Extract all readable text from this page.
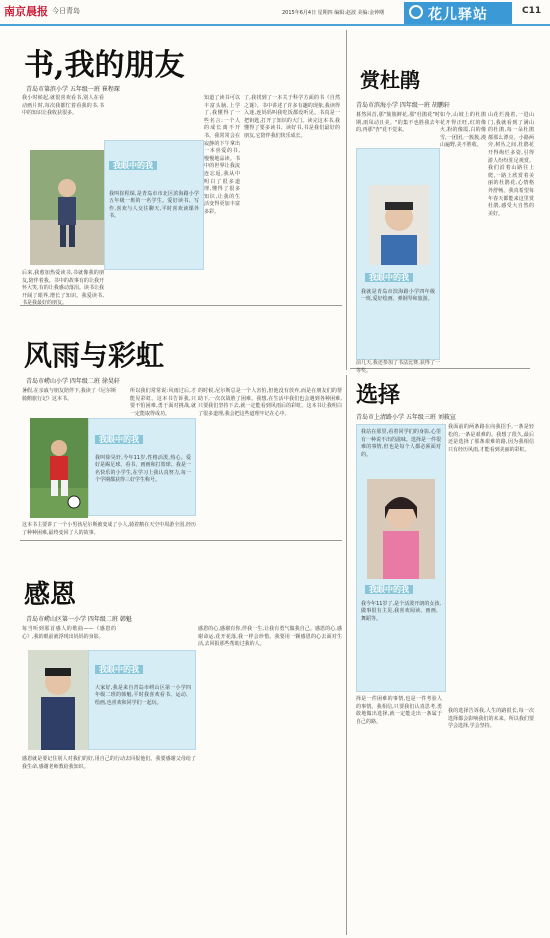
南京晨报 今日青岛	2015年6月4日 星期四 编辑:赵波 美编:金钟曙	花儿驿站	C11
书,我的朋友
青岛市第滨小学 五年级一班 崔程琛
我小时候起,就很喜欢看书,别人在看动画片时,每次我都忙着看我的书,书中的知识让我收获很多。
我眼中的我
我叫崔程琛,是青岛市市北区滨海路小学五年级一班的一名学生。爱好读书、写作,喜欢与人交往聊天,平时喜欢读课外书。
后来,我愈加热爱读书,书就像我的朋友,陪伴着我。书中的故事有的让我开怀大笑,有的让我感动落泪。读书让我开阔了眼界,增长了知识。我爱读书,书是我最好的朋友。
知道了读书可以丰富头脑,上学了,我懂得了一些名言:一个人的成长离不开书。我常常会在寂静的下午拿出一本喜爱的书,慢慢地品读。书中的世界让我流连忘返,我从中明白了很多道理,懂得了很多知识,让我的生活变得更加丰富多彩。
了,我找到了一本关于科学方面的书《自然之谜》。书中讲述了许多有趣的现象,我读得入迷,连妈妈叫我吃饭都没听见。书真是一把钥匙,打开了知识的大门。读完这本书,我懂得了要多读书、读好书,书是我们最好的朋友,它陪伴我们快乐成长。
赏杜鹃
青岛市滨海小学 四年级一班 胡鹏轩
暮然回首,那"簇簇鲜花,那"杜鹃花"时期,雨凤动且美。"的集不也胜我去年的,再那"杏"花不觉来。
我眼中的我
我就是青岛市滨海路小学四年级一班,爱好绘画、弹钢琴和旅游。
如今,山坡上的杜鹃花开得正旺,红的像火,粉的像霞,白的像雪,一团团,一簇簇,漫山遍野,美不胜收。
山花烂漫着,一进山门,我就看到了满山的杜鹃,每一朵杜鹃都那么漂亮。小路两旁,树丛之间,杜鹃花开得绚烂多姿,引得游人纷纷驻足观赏。我们沿着山路往上爬,一路上欣赏着美丽的杜鹃花,心情格外舒畅。我真希望每年春天都能来这里赏杜鹃,感受大自然的美好。
前几天,我还参加了书法比赛,获得了一等奖。
风雨与彩虹
青岛市崂山小学 四年级二班 徐昊轩
暑假,在亲戚与朋友陪伴下,我读了《尼尔斯骑鹅旅行记》这本书。
我眼中的我
我叫徐昊轩,今年11岁,性格活泼,热心。爱好是踢足球、看书、画画和打篮球。我是一名快乐的小学生,在学习上我认真努力,每一个学期都获得三好学生称号。
这本书主要讲了一个小男孩尼尔斯被变成了小人,骑着鹅在天空中周游全国,经历了种种困难,最终变回了人的故事。
所以我们常常说:风雨过后,才能见彩虹。这本书告诉我,只要不怕困难,勇于面对挑战,就一定能取得成功。
的时候,尼尔斯总是一个人害怕,但他没有放弃,而是在朋友们的帮助下,一次次战胜了困难。我想,在生活中我们也会遇到各种困难,只要我们坚持下去,就一定能看到风雨后的彩虹。这本书让我明白了很多道理,我会把这些道理牢记在心中。
选择
青岛市上清路小学 五年级三班 刘筱宣
我站在那里,看着同学们的身影,心里有一种说不出的滋味。选择是一件很难的事情,但也是每个人都必须面对的。
我眼中的我
我今年11岁了,是个活泼开朗的女孩,做事很有主见,我喜欢阅读、画画、舞蹈等。
我面前的两条路在向我招手,一条是轻松的,一条是艰难的。我想了很久,最后还是选择了那条艰难的路,因为我相信只有经历风雨,才能看到美丽的彩虹。
择是一件困难的事情,也是一件考验人的事情。我相信,只要我们认真思考,勇敢地做出选择,就一定能走出一条属于自己的路。
我的选择告诉我,人生的路很长,每一次选择都会影响我们的未来。所以我们要学会选择,学会坚持。
感恩
青岛市崂山区第一小学 四年级二班 韩魁
每当听到那首感人的歌曲——《感恩的心》,我的眼前就浮现出妈妈的身影。
我眼中的我
大家好,我是来自青岛市崂山区第一小学四年级二班的韩魁,平时我喜欢看书、运动、绘画,也喜欢和同学们一起玩。
感恩就是要记住别人对我们的好,用自己的行动去回报他们。我要感谢父母给了我生命,感谢老师教给我知识。
感恩的心,感谢有你,伴我一生,让我有勇气做我自己。感恩的心,感谢命运,花开花落,我一样会珍惜。我要用一颗感恩的心去面对生活,去回报那些帮助过我的人。
